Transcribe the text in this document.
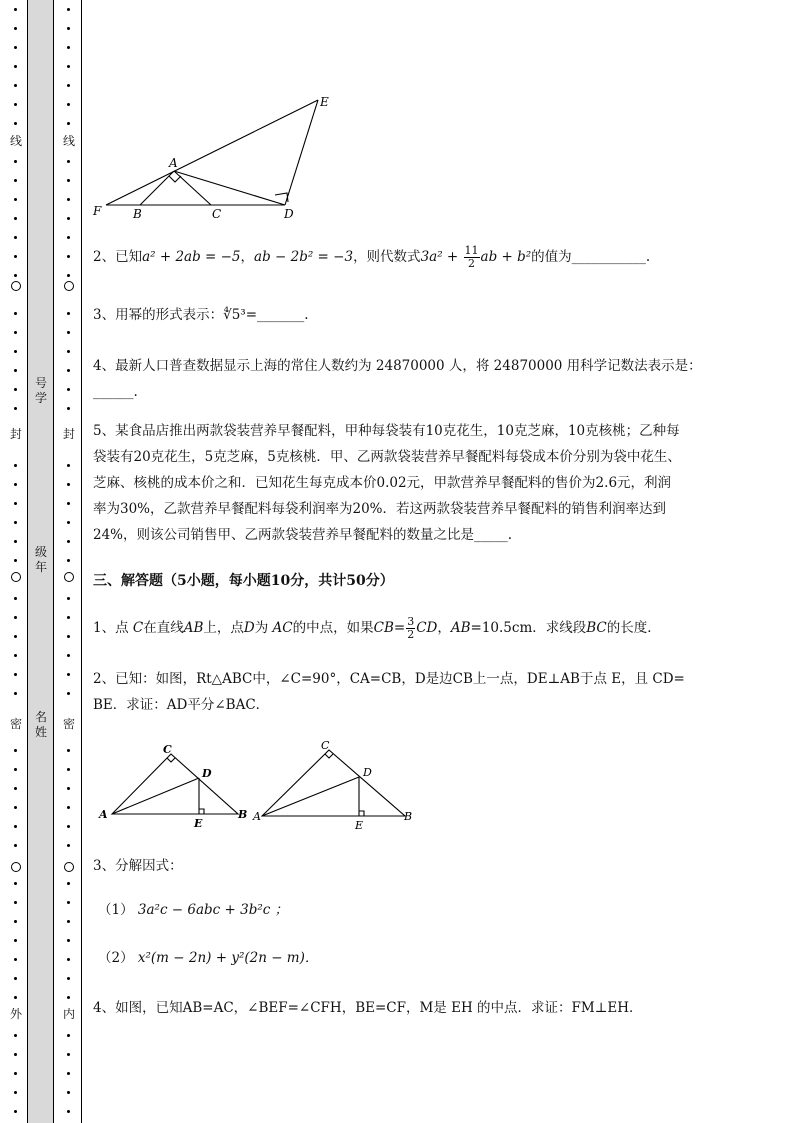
线
封
密
外
线
封
密
内
号学
级年
名姓
E
A
F	B	C	D
2、已知a² + 2ab = −5，ab − 2b² = −3，则代数式$3a^2 + \frac{11}{2}$ ab + b²的值为___________.
3、用幂的形式表示：∜5³=_______.
4、最新人口普查数据显示上海的常住人数约为 24870000 人，将 24870000 用科学记数法表示是：
______.
5、某食品店推出两款袋装营养早餐配料，甲种每袋装有10克花生，10克芝麻，10克核桃；乙种每
袋装有20克花生，5克芝麻，5克核桃．甲、乙两款袋装营养早餐配料每袋成本价分别为袋中花生、
芝麻、核桃的成本价之和．已知花生每克成本价0.02元，甲款营养早餐配料的售价为2.6元，利润
率为30%，乙款营养早餐配料每袋利润率为20%．若这两款袋装营养早餐配料的销售利润率达到
24%，则该公司销售甲、乙两款袋装营养早餐配料的数量之比是_____.
三、解答题（5小题，每小题10分，共计50分）
1、点 C在直线AB上，点D为 AC的中点，如果$CB= \frac{3}{2}$ CD，AB=10.5cm．求线段BC的长度．
2、已知：如图，Rt△ABC中，∠C=90°，CA=CB，D是边CB上一点，DE⊥AB于点 E，且 CD=
BE．求证：AD平分∠BAC．
C
D
A
E
B
C
D
A
E
B
3、分解因式：
（1） 3a²c − 6abc + 3b²c ；
（2） x²(m − 2n) + y²(2n − m)．
4、如图，已知AB=AC，∠BEF=∠CFH，BE=CF，M是 EH 的中点．求证：FM⊥EH．
